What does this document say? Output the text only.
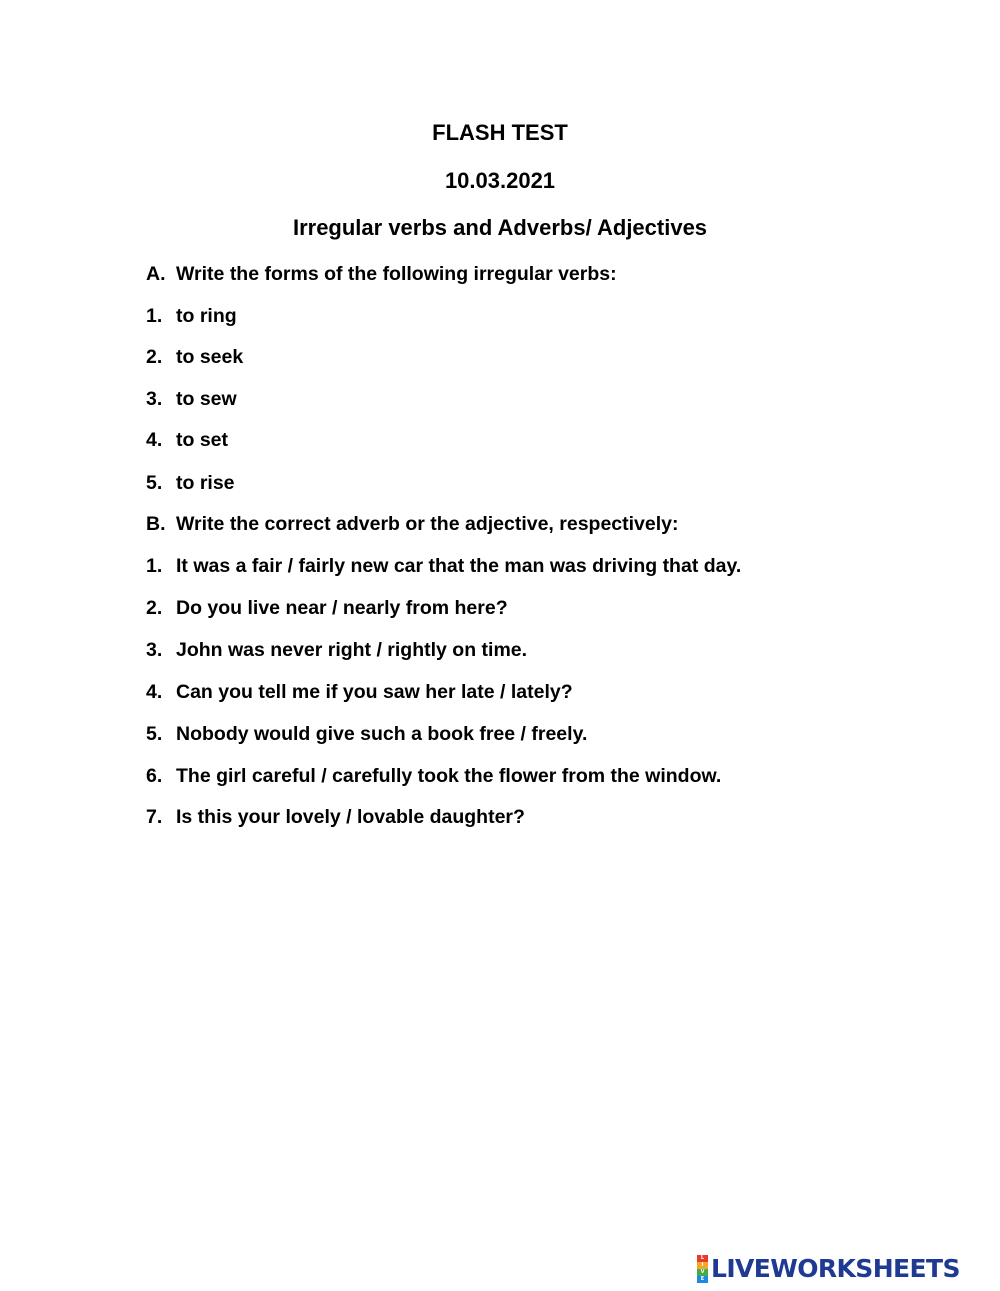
FLASH TEST
10.03.2021
Irregular verbs and Adverbs/ Adjectives
A. Write the forms of the following irregular verbs:
1. to ring
2. to seek
3. to sew
4. to set
5. to rise
B. Write the correct adverb or the adjective, respectively:
1. It was a fair / fairly new car that the man was driving that day.
2. Do you live near / nearly from here?
3. John was never right / rightly on time.
4. Can you tell me if you saw her late / lately?
5. Nobody would give such a book free / freely.
6. The girl careful / carefully took the flower from the window.
7. Is this your lovely / lovable daughter?
L
I
V
E LIVEWORKSHEETS
